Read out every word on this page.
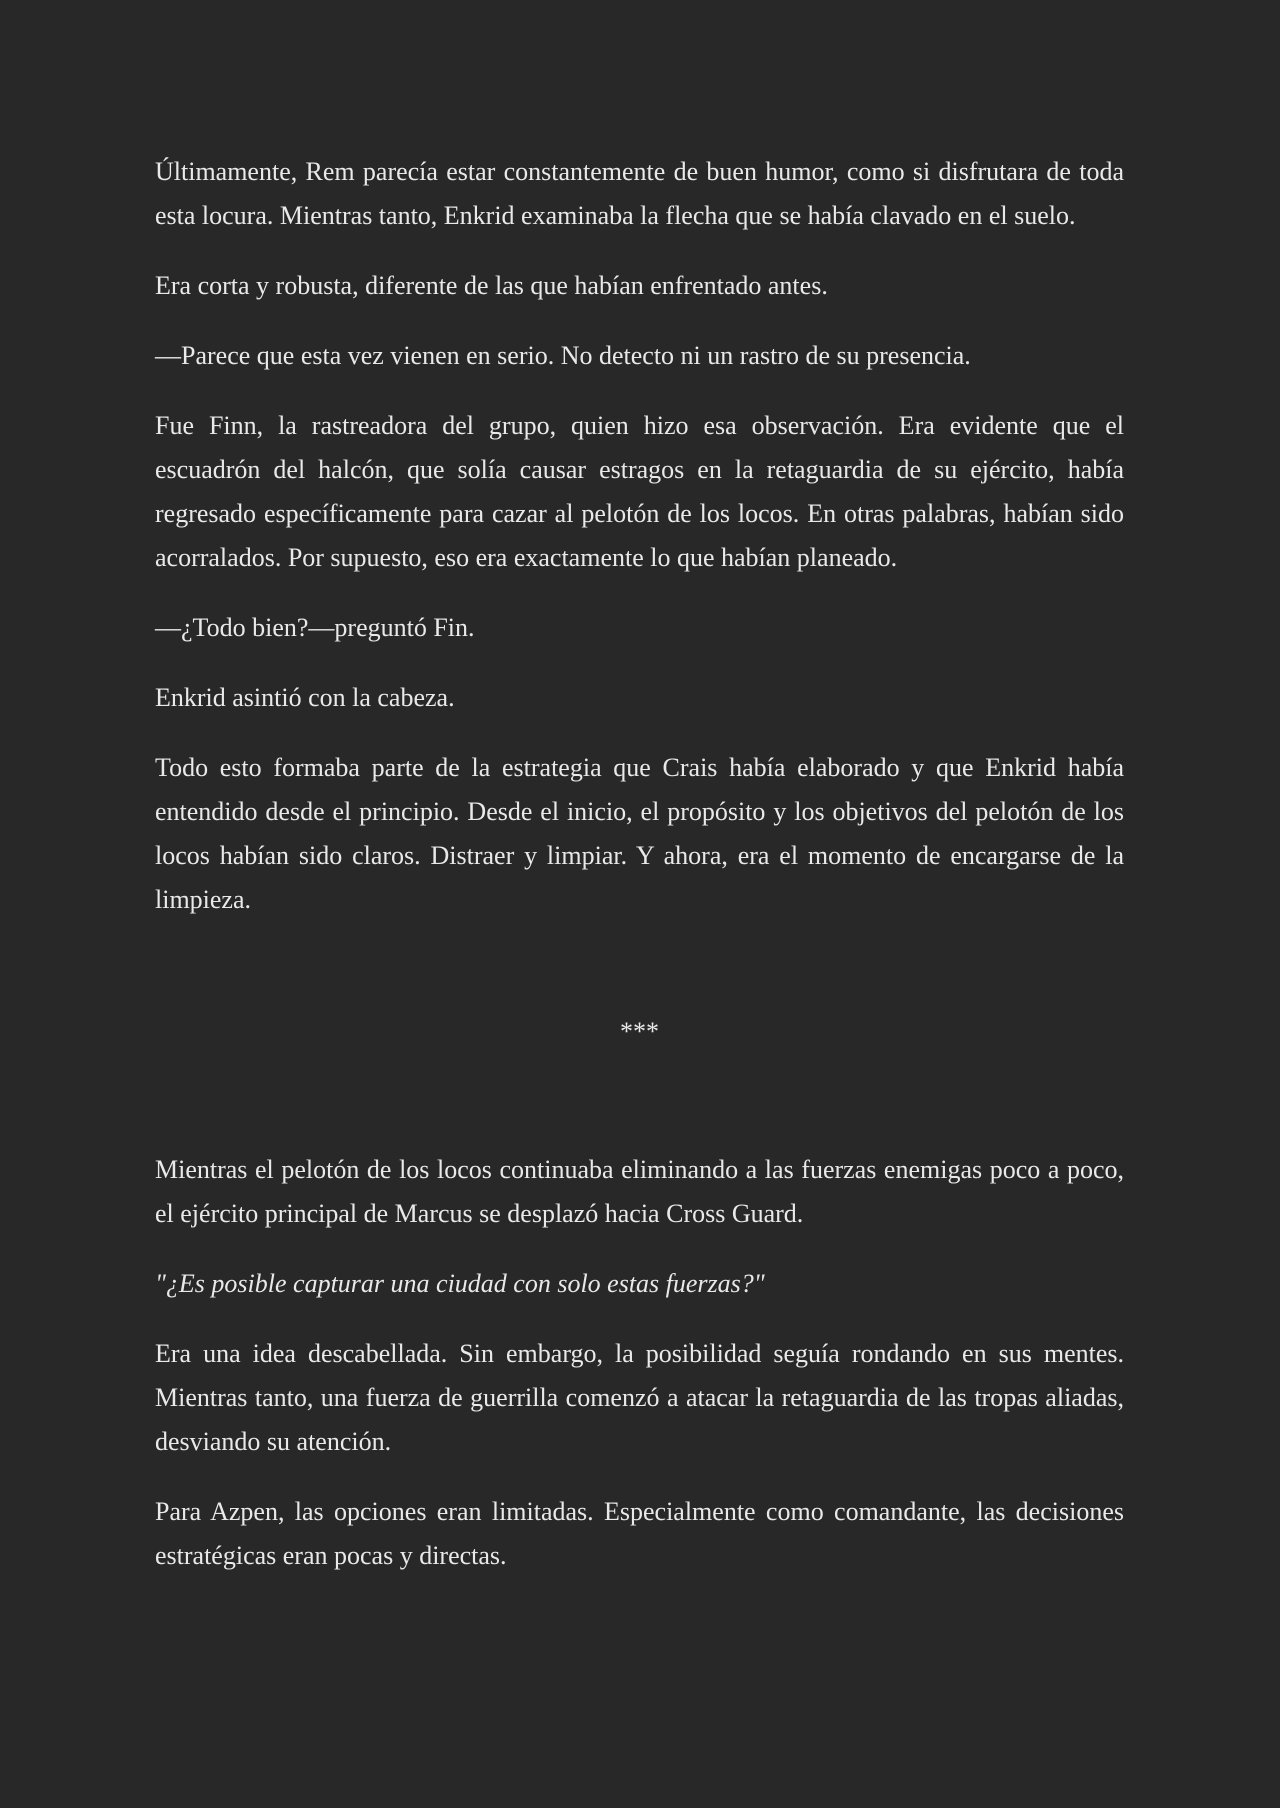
Últimamente, Rem parecía estar constantemente de buen humor, como si disfrutara de toda esta locura. Mientras tanto, Enkrid examinaba la flecha que se había clavado en el suelo.

Era corta y robusta, diferente de las que habían enfrentado antes.

—Parece que esta vez vienen en serio. No detecto ni un rastro de su presencia.

Fue Finn, la rastreadora del grupo, quien hizo esa observación. Era evidente que el escuadrón del halcón, que solía causar estragos en la retaguardia de su ejército, había regresado específicamente para cazar al pelotón de los locos. En otras palabras, habían sido acorralados. Por supuesto, eso era exactamente lo que habían planeado.

—¿Todo bien?—preguntó Fin.

Enkrid asintió con la cabeza.

Todo esto formaba parte de la estrategia que Crais había elaborado y que Enkrid había entendido desde el principio. Desde el inicio, el propósito y los objetivos del pelotón de los locos habían sido claros. Distraer y limpiar. Y ahora, era el momento de encargarse de la limpieza.

***

Mientras el pelotón de los locos continuaba eliminando a las fuerzas enemigas poco a poco, el ejército principal de Marcus se desplazó hacia Cross Guard.

"¿Es posible capturar una ciudad con solo estas fuerzas?"

Era una idea descabellada. Sin embargo, la posibilidad seguía rondando en sus mentes. Mientras tanto, una fuerza de guerrilla comenzó a atacar la retaguardia de las tropas aliadas, desviando su atención.

Para Azpen, las opciones eran limitadas. Especialmente como comandante, las decisiones estratégicas eran pocas y directas.
